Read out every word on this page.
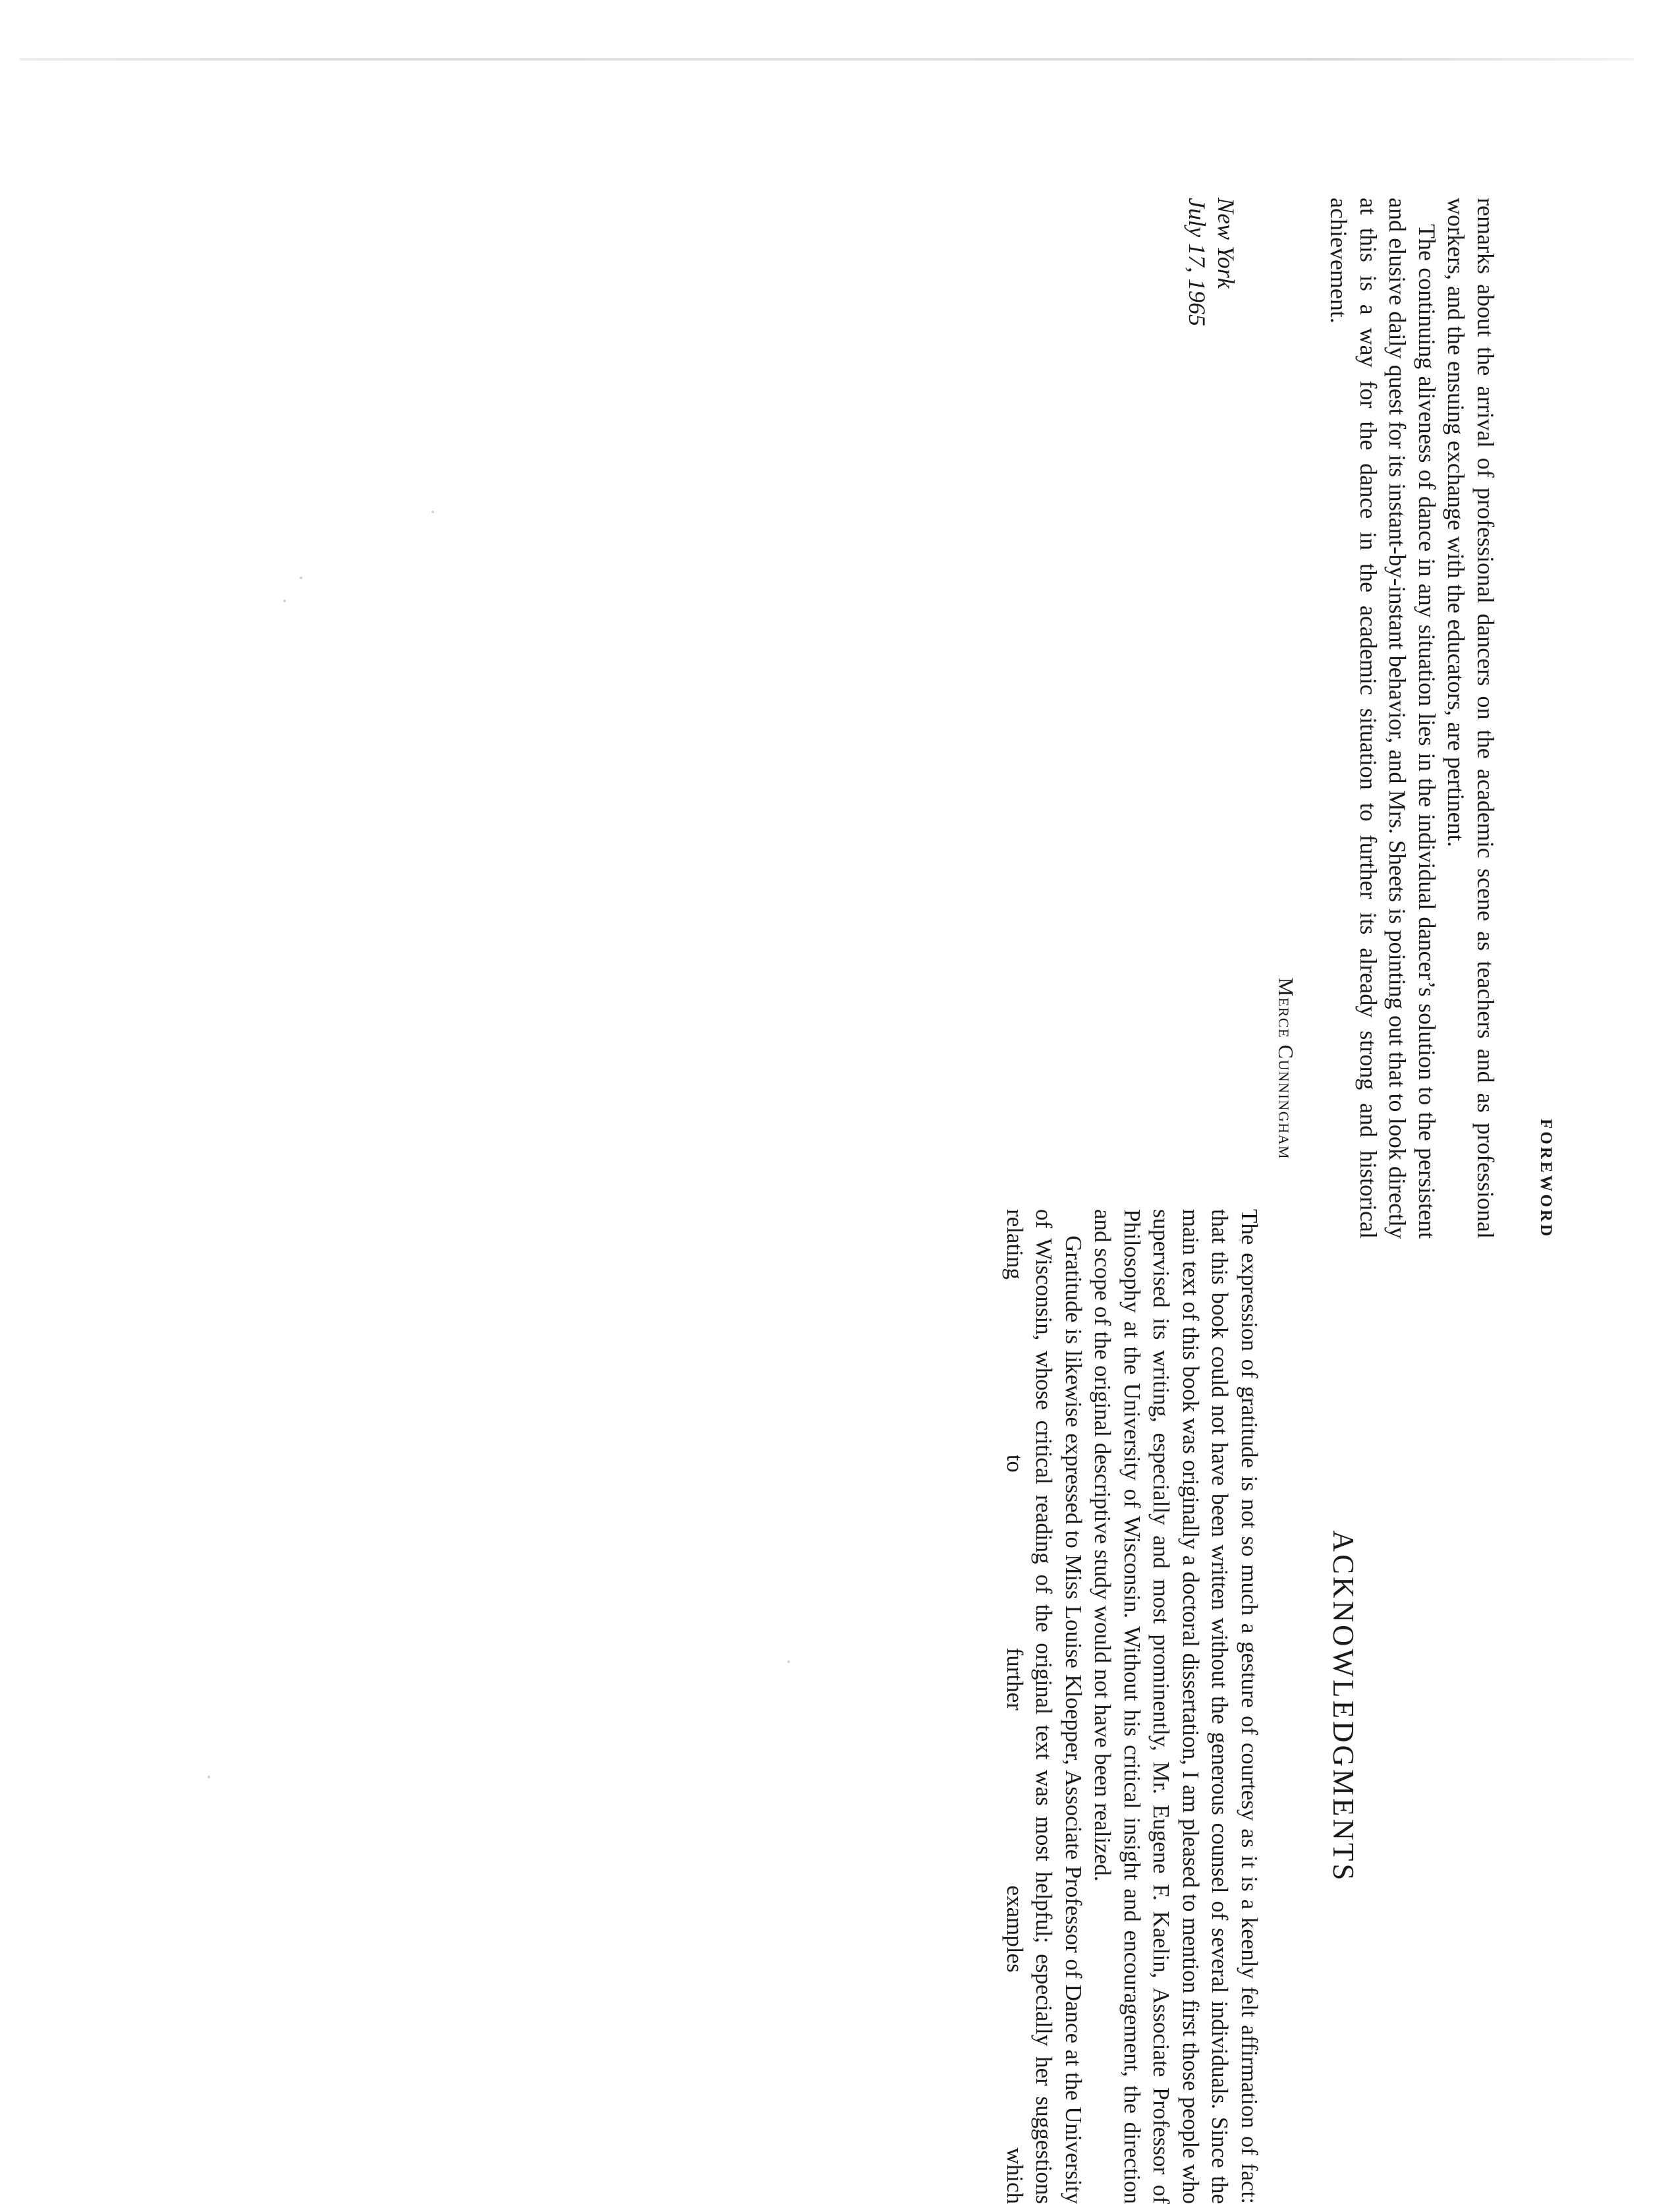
FOREWORD

remarks about the arrival of professional dancers on the academic scene as teachers and as professional workers, and the ensuing exchange with the educators, are pertinent.

The continuing aliveness of dance in any situation lies in the individual dancer’s solution to the persistent and elusive daily quest for its instant-by-instant behavior, and Mrs. Sheets is pointing out that to look directly at this is a way for the dance in the academic situation to further its already strong and historical achievement.

Merce Cunningham
New York
July 17, 1965
ACKNOWLEDGMENTS

The expression of gratitude is not so much a gesture of courtesy as it is a keenly felt affirmation of fact: that this book could not have been written without the generous counsel of several individuals. Since the main text of this book was originally a doctoral dissertation, I am pleased to mention first those people who supervised its writing, especially and most prominently, Mr. Eugene F. Kaelin, Associate Professor of Philosophy at the University of Wisconsin. Without his critical insight and encouragement, the direction and scope of the original descriptive study would not have been realized.

Gratitude is likewise expressed to Miss Louise Kloepper, Associate Professor of Dance at the University of Wisconsin, whose critical reading of the original text was most helpful; especially her suggestions relating to further examples which
